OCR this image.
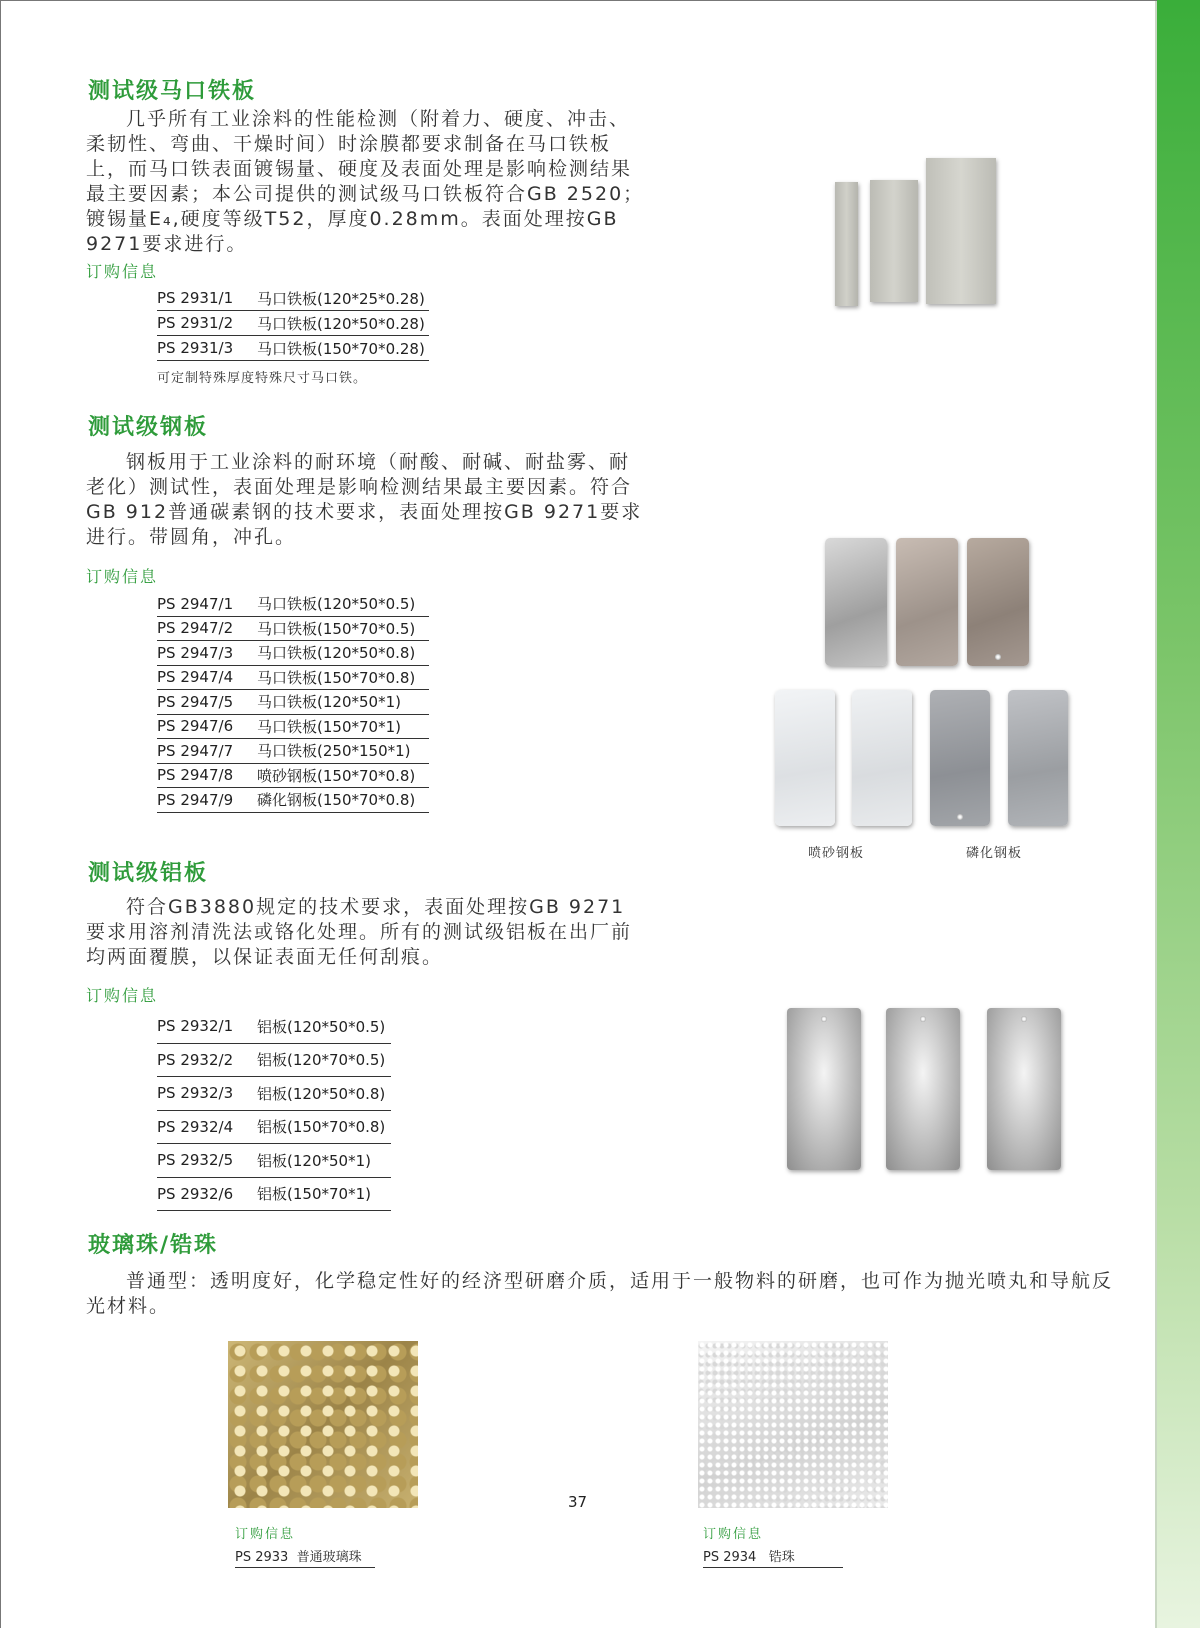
测试级马口铁板

几乎所有工业涂料的性能检测（附着力、硬度、冲击、柔韧性、弯曲、干燥时间）时涂膜都要求制备在马口铁板上，而马口铁表面镀锡量、硬度及表面处理是影响检测结果最主要因素；本公司提供的测试级马口铁板符合GB 2520；镀锡量E₄,硬度等级T52，厚度0.28mm。表面处理按GB 9271要求进行。

订购信息
PS 2931/1	马口铁板(120*25*0.28)
PS 2931/2	马口铁板(120*50*0.28)
PS 2931/3	马口铁板(150*70*0.28)
可定制特殊厚度特殊尺寸马口铁。
测试级钢板

钢板用于工业涂料的耐环境（耐酸、耐碱、耐盐雾、耐老化）测试性，表面处理是影响检测结果最主要因素。符合GB 912普通碳素钢的技术要求，表面处理按GB 9271要求进行。带圆角，冲孔。

订购信息
PS 2947/1	马口铁板(120*50*0.5)
PS 2947/2	马口铁板(150*70*0.5)
PS 2947/3	马口铁板(120*50*0.8)
PS 2947/4	马口铁板(150*70*0.8)
PS 2947/5	马口铁板(120*50*1)
PS 2947/6	马口铁板(150*70*1)
PS 2947/7	马口铁板(250*150*1)
PS 2947/8	喷砂钢板(150*70*0.8)
PS 2947/9	磷化钢板(150*70*0.8)
喷砂钢板	磷化钢板
测试级铝板

符合GB3880规定的技术要求，表面处理按GB 9271要求用溶剂清洗法或铬化处理。所有的测试级铝板在出厂前均两面覆膜，以保证表面无任何刮痕。

订购信息
PS 2932/1	铝板(120*50*0.5)
PS 2932/2	铝板(120*70*0.5)
PS 2932/3	铝板(120*50*0.8)
PS 2932/4	铝板(150*70*0.8)
PS 2932/5	铝板(120*50*1)
PS 2932/6	铝板(150*70*1)
玻璃珠/锆珠

普通型：透明度好，化学稳定性好的经济型研磨介质，适用于一般物料的研磨，也可作为抛光喷丸和导航反光材料。

订购信息
PS 2933 普通玻璃珠
订购信息
PS 2934 锆珠
37
